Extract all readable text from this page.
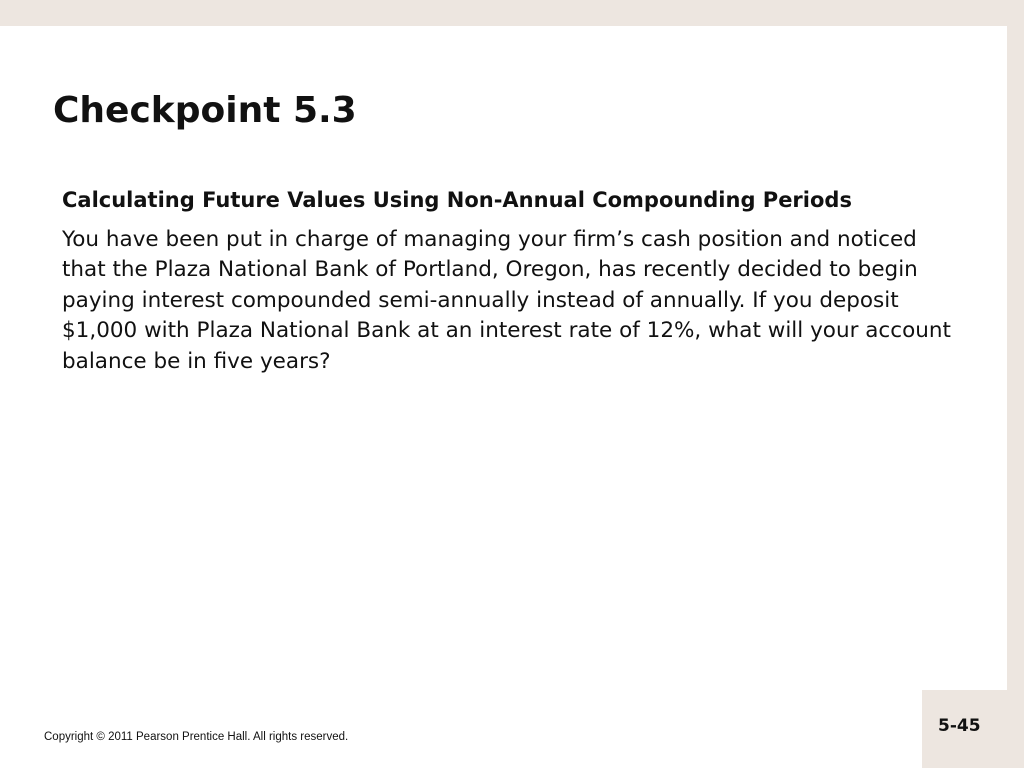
Checkpoint 5.3

Calculating Future Values Using Non-Annual Compounding Periods

You have been put in charge of managing your firm’s cash position and noticed that the Plaza National Bank of Portland, Oregon, has recently decided to begin paying interest compounded semi-annually instead of annually. If you deposit $1,000 with Plaza National Bank at an interest rate of 12%, what will your account balance be in five years?

Copyright © 2011 Pearson Prentice Hall. All rights reserved.
5-45
